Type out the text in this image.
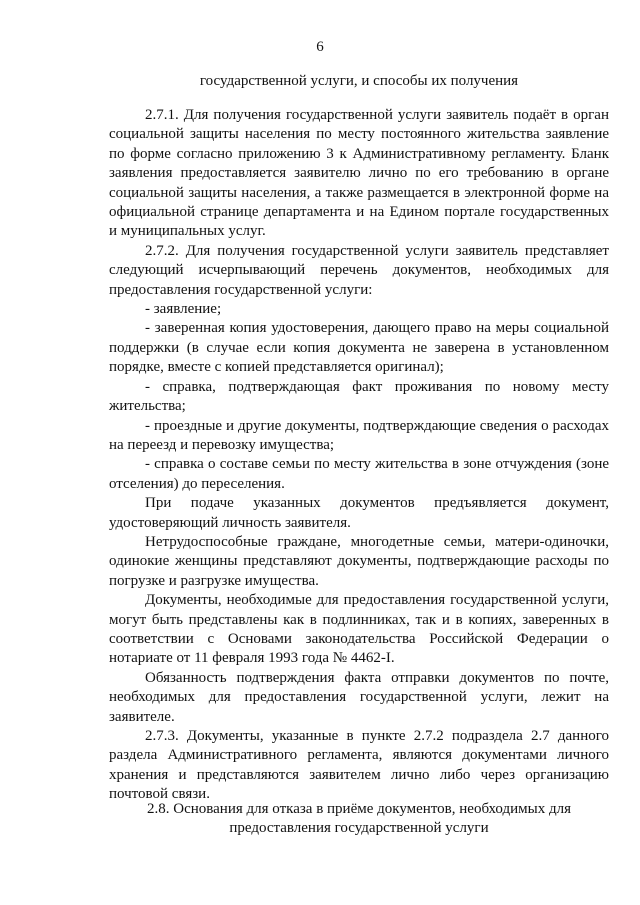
6
государственной услуги, и способы их получения

2.7.1. Для получения государственной услуги заявитель подаёт в орган социальной защиты населения по месту постоянного жительства заявление по форме согласно приложению 3 к Административному регламенту. Бланк заявления предоставляется заявителю лично по его требованию в органе социальной защиты населения, а также размещается в электронной форме на официальной странице департамента и на Едином портале государственных и муниципальных услуг.

2.7.2. Для получения государственной услуги заявитель представляет следующий исчерпывающий перечень документов, необходимых для предоставления государственной услуги:

- заявление;

- заверенная копия удостоверения, дающего право на меры социальной поддержки (в случае если копия документа не заверена в установленном порядке, вместе с копией представляется оригинал);

- справка, подтверждающая факт проживания по новому месту жительства;

- проездные и другие документы, подтверждающие сведения о расходах на переезд и перевозку имущества;

- справка о составе семьи по месту жительства в зоне отчуждения (зоне отселения) до переселения.

При подаче указанных документов предъявляется документ, удостоверяющий личность заявителя.

Нетрудоспособные граждане, многодетные семьи, матери-одиночки, одинокие женщины представляют документы, подтверждающие расходы по погрузке и разгрузке имущества.

Документы, необходимые для предоставления государственной услуги, могут быть представлены как в подлинниках, так и в копиях, заверенных в соответствии с Основами законодательства Российской Федерации о нотариате от 11 февраля 1993 года № 4462-I.

Обязанность подтверждения факта отправки документов по почте, необходимых для предоставления государственной услуги, лежит на заявителе.

2.7.3. Документы, указанные в пункте 2.7.2 подраздела 2.7 данного раздела Административного регламента, являются документами личного хранения и представляются заявителем лично либо через организацию почтовой связи.

2.8. Основания для отказа в приёме документов, необходимых для предоставления государственной услуги
